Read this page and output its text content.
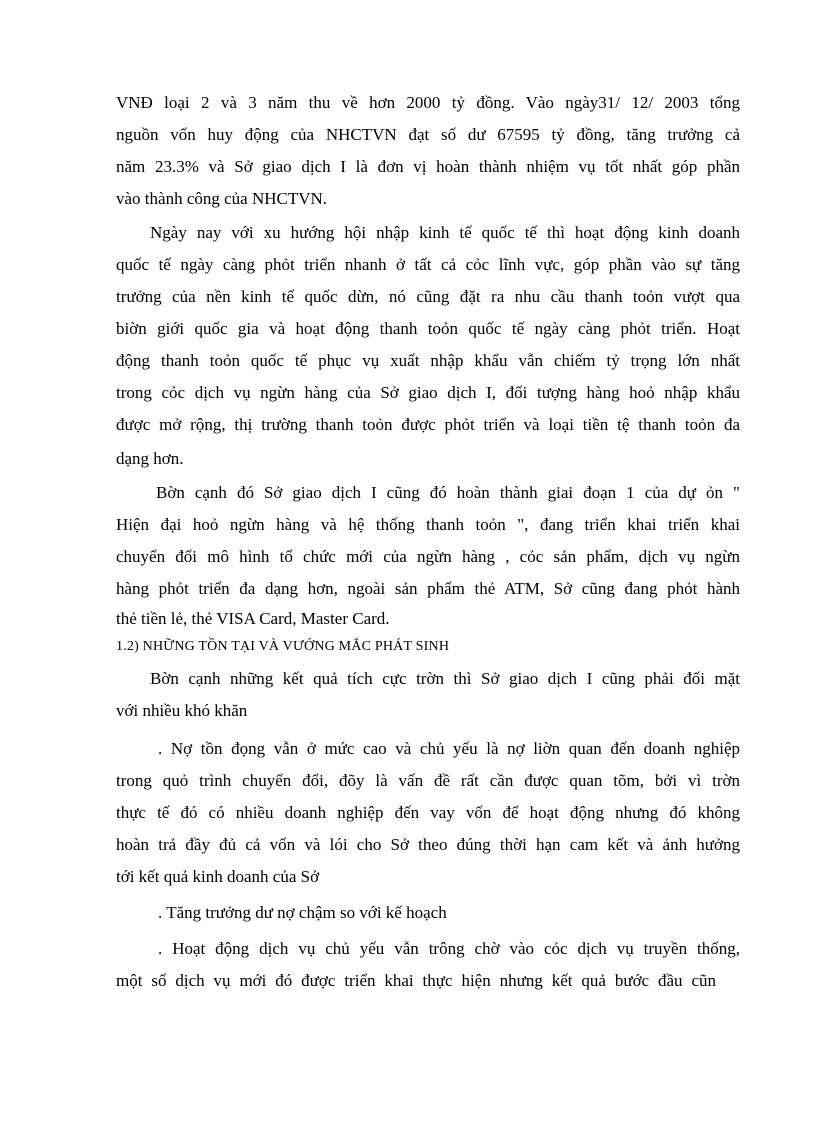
VNĐ loại 2 và 3 năm thu về hơn 2000 tỷ đồng. Vào ngày31/ 12/ 2003 tổng
nguồn vốn huy động của NHCTVN đạt số dư 67595 tỷ đồng, tăng trưởng cả
năm 23.3% và Sở giao dịch I là đơn vị hoàn thành nhiệm vụ tốt nhất góp phần
vào thành công của NHCTVN.
Ngày nay với xu hướng hội nhập kinh tế quốc tế thì hoạt động kinh doanh
quốc tế ngày càng phỏt triển nhanh ở tất cả cỏc lĩnh vực, góp phần vào sự tăng
trưởng của nền kinh tế quốc dừn, nó cũng đặt ra nhu cầu thanh toỏn vượt qua
biờn giới quốc gia và hoạt động thanh toỏn quốc tế ngày càng phỏt triển. Hoạt
động thanh toỏn quốc tế phục vụ xuất nhập khẩu vẫn chiếm tỷ trọng lớn nhất
trong cỏc dịch vụ ngừn hàng của Sở giao dịch I, đối tượng hàng hoỏ nhập khẩu
được mở rộng, thị trường thanh toỏn được phỏt triển và loại tiền tệ thanh toỏn đa
dạng hơn.
Bờn cạnh đó Sở giao dịch I cũng đó hoàn thành giai đoạn 1 của dự ỏn "
Hiện đại hoỏ ngừn hàng và hệ thống thanh toỏn ", đang triển khai triển khai
chuyển đổi mô hình tổ chức mới của ngừn hàng , cỏc sản phẩm, dịch vụ ngừn
hàng phỏt triển đa dạng hơn, ngoài sản phẩm thẻ ATM, Sở cũng đang phỏt hành
thẻ tiền lẻ, thẻ VISA Card, Master Card.
1.2) NHỮNG TỒN TẠI VÀ VƯỚNG MẮC PHÁT SINH
Bờn cạnh những kết quả tích cực trờn thì Sở giao dịch I cũng phải đối mặt
với nhiều khó khăn
. Nợ tồn đọng vẫn ở mức cao và chủ yếu là nợ liờn quan đến doanh nghiệp
trong quỏ trình chuyển đổi, đõy là vấn đề rất cần được quan tõm, bởi vì trờn
thực tế đó có nhiều doanh nghiệp đến vay vốn để hoạt động nhưng đó không
hoàn trả đầy đủ cả vốn và lói cho Sở theo đúng thời hạn cam kết và ảnh hưởng
tới kết quả kinh doanh của Sở
. Tăng trưởng dư nợ chậm so với kế hoạch
. Hoạt động dịch vụ chủ yếu vẫn trông chờ vào cỏc dịch vụ truyền thống,
một số dịch vụ mới đó được triển khai thực hiện nhưng kết quả bước đầu cũn
